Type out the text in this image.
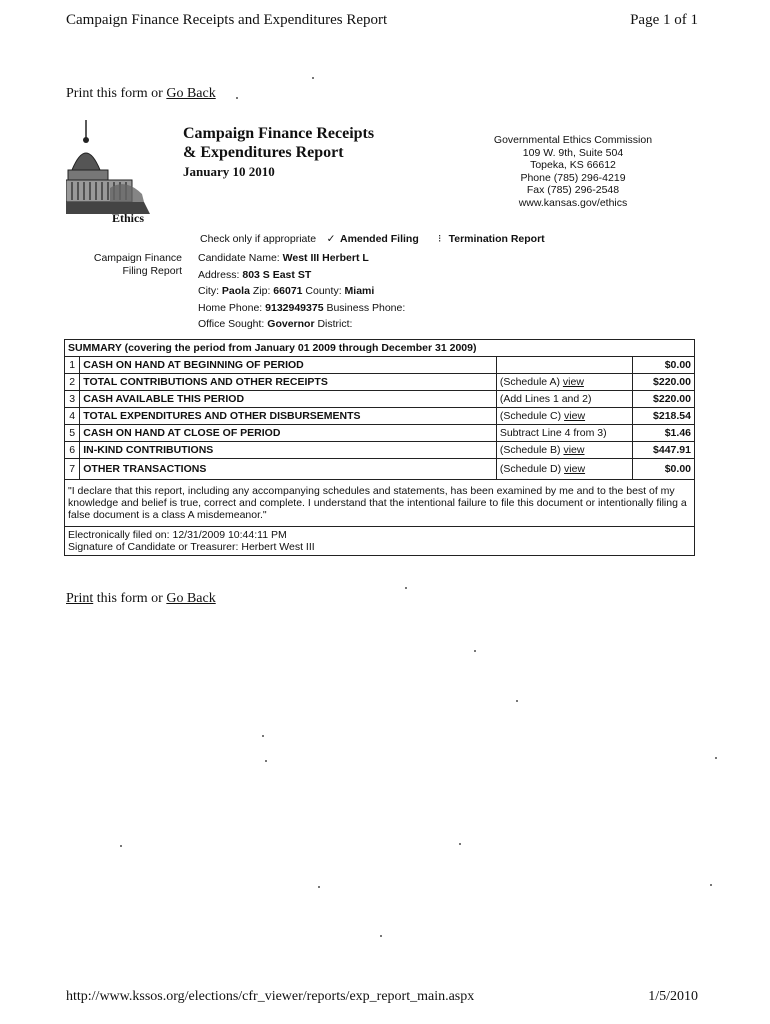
Campaign Finance Receipts and Expenditures Report	Page 1 of 1
Print this form or Go Back
Ethics
Campaign Finance Receipts
& Expenditures Report
January 10 2010
Governmental Ethics Commission
109 W. 9th, Suite 504
Topeka, KS 66612
Phone (785) 296-4219
Fax (785) 296-2548
www.kansas.gov/ethics
Check only if appropriate ✓ Amended Filing ⁝ Termination Report
Campaign Finance
Filing Report
Candidate Name: West III Herbert L
Address: 803 S East ST
City: Paola Zip: 66071 County: Miami
Home Phone: 9132949375 Business Phone:
Office Sought: Governor District:
SUMMARY (covering the period from January 01 2009 through December 31 2009)			
1	CASH ON HAND AT BEGINNING OF PERIOD		$0.00
2	TOTAL CONTRIBUTIONS AND OTHER RECEIPTS	(Schedule A) view	$220.00
3	CASH AVAILABLE THIS PERIOD	(Add Lines 1 and 2)	$220.00
4	TOTAL EXPENDITURES AND OTHER DISBURSEMENTS	(Schedule C) view	$218.54
5	CASH ON HAND AT CLOSE OF PERIOD	Subtract Line 4 from 3)	$1.46
6	IN-KIND CONTRIBUTIONS	(Schedule B) view	$447.91
7	OTHER TRANSACTIONS	(Schedule D) view	$0.00
"I declare that this report, including any accompanying schedules and statements, has been examined by me and to the best of my knowledge and belief is true, correct and complete. I understand that the intentional failure to file this document or intentionally filing a false document is a class A misdemeanor."			

Electronically filed on: 12/31/2009 10:44:11 PM
Signature of Candidate or Treasurer: Herbert West III			
Print this form or Go Back
http://www.kssos.org/elections/cfr_viewer/reports/exp_report_main.aspx	1/5/2010
